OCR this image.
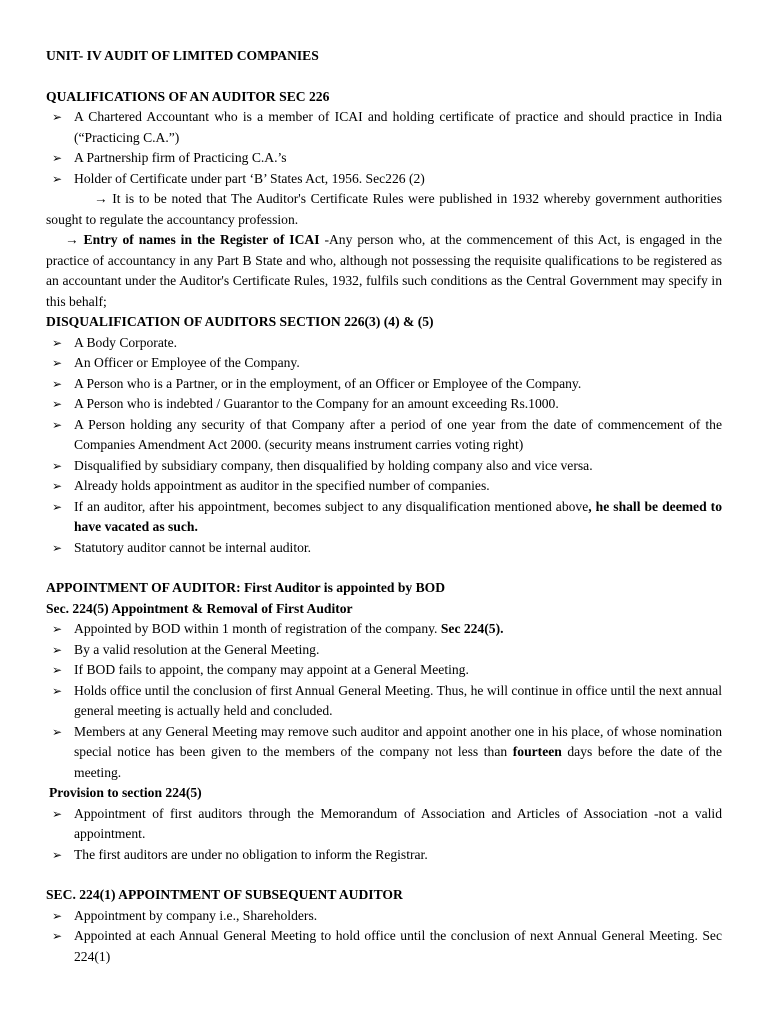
UNIT- IV AUDIT OF LIMITED COMPANIES
QUALIFICATIONS OF AN AUDITOR SEC 226
➢ A Chartered Accountant who is a member of ICAI and holding certificate of practice and should practice in India (“Practicing C.A.”)
➢ A Partnership firm of Practicing C.A.’s
➢ Holder of Certificate under part ‘B’ States Act, 1956. Sec226 (2)
→ It is to be noted that The Auditor's Certificate Rules were published in 1932 whereby government authorities sought to regulate the accountancy profession.
→ Entry of names in the Register of ICAI -Any person who, at the commencement of this Act, is engaged in the practice of accountancy in any Part B State and who, although not possessing the requisite qualifications to be registered as an accountant under the Auditor's Certificate Rules, 1932, fulfils such conditions as the Central Government may specify in this behalf;
DISQUALIFICATION OF AUDITORS SECTION 226(3) (4) & (5)
➢ A Body Corporate.
➢ An Officer or Employee of the Company.
➢ A Person who is a Partner, or in the employment, of an Officer or Employee of the Company.
➢ A Person who is indebted / Guarantor to the Company for an amount exceeding Rs.1000.
➢ A Person holding any security of that Company after a period of one year from the date of commencement of the Companies Amendment Act 2000. (security means instrument carries voting right)
➢ Disqualified by subsidiary company, then disqualified by holding company also and vice versa.
➢ Already holds appointment as auditor in the specified number of companies.
➢ If an auditor, after his appointment, becomes subject to any disqualification mentioned above, he shall be deemed to have vacated as such.
➢ Statutory auditor cannot be internal auditor.
APPOINTMENT OF AUDITOR: First Auditor is appointed by BOD
Sec. 224(5) Appointment & Removal of First Auditor
➢ Appointed by BOD within 1 month of registration of the company. Sec 224(5).
➢ By a valid resolution at the General Meeting.
➢ If BOD fails to appoint, the company may appoint at a General Meeting.
➢ Holds office until the conclusion of first Annual General Meeting. Thus, he will continue in office until the next annual general meeting is actually held and concluded.
➢ Members at any General Meeting may remove such auditor and appoint another one in his place, of whose nomination special notice has been given to the members of the company not less than fourteen days before the date of the meeting.
Provision to section 224(5)
➢ Appointment of first auditors through the Memorandum of Association and Articles of Association -not a valid appointment.
➢ The first auditors are under no obligation to inform the Registrar.
SEC. 224(1) APPOINTMENT OF SUBSEQUENT AUDITOR
➢ Appointment by company i.e., Shareholders.
➢ Appointed at each Annual General Meeting to hold office until the conclusion of next Annual General Meeting. Sec 224(1)
